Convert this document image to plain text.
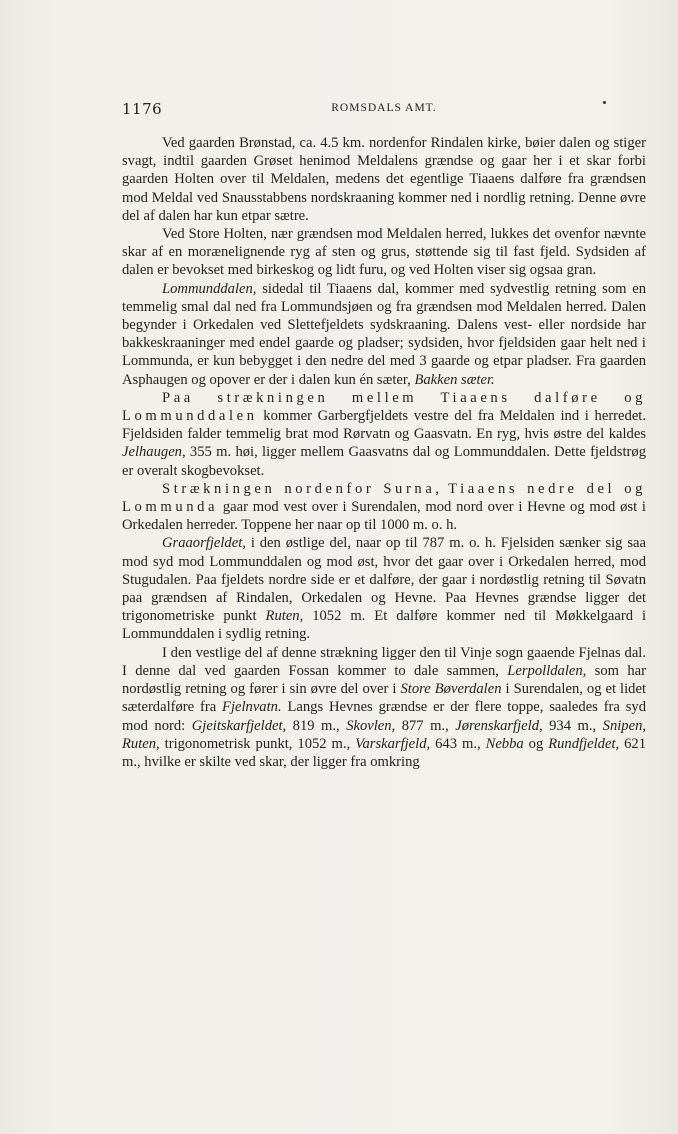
1176	ROMSDALS AMT.

Ved gaarden Brønstad, ca. 4.5 km. nordenfor Rindalen kirke, bøier dalen og stiger svagt, indtil gaarden Grøset henimod Meldalens grændse og gaar her i et skar forbi gaarden Holten over til Meldalen, medens det egentlige Tiaaens dalføre fra grændsen mod Meldal ved Snausstabbens nordskraaning kommer ned i nordlig retning. Denne øvre del af dalen har kun etpar sætre.

Ved Store Holten, nær grændsen mod Meldalen herred, lukkes det ovenfor nævnte skar af en morænelignende ryg af sten og grus, støttende sig til fast fjeld. Sydsiden af dalen er bevokset med birkeskog og lidt furu, og ved Holten viser sig ogsaa gran.

Lommunddalen, sidedal til Tiaaens dal, kommer med sydvestlig retning som en temmelig smal dal ned fra Lommundsjøen og fra grændsen mod Meldalen herred. Dalen begynder i Orkedalen ved Slettefjeldets sydskraaning. Dalens vest- eller nordside har bakkeskraaninger med endel gaarde og pladser; sydsiden, hvor fjeldsiden gaar helt ned i Lommunda, er kun bebygget i den nedre del med 3 gaarde og etpar pladser. Fra gaarden Asphaugen og opover er der i dalen kun én sæter, Bakken sæter.

Paa strækningen mellem Tiaaens dalføre og Lommunddalen kommer Garbergfjeldets vestre del fra Meldalen ind i herredet. Fjeldsiden falder temmelig brat mod Rørvatn og Gaasvatn. En ryg, hvis østre del kaldes Jelhaugen, 355 m. høi, ligger mellem Gaasvatns dal og Lommunddalen. Dette fjeldstrøg er overalt skogbevokset.

Strækningen nordenfor Surna, Tiaaens nedre del og Lommunda gaar mod vest over i Surendalen, mod nord over i Hevne og mod øst i Orkedalen herreder. Toppene her naar op til 1000 m. o. h.

Graaorfjeldet, i den østlige del, naar op til 787 m. o. h. Fjelsiden sænker sig saa mod syd mod Lommunddalen og mod øst, hvor det gaar over i Orkedalen herred, mod Stugudalen. Paa fjeldets nordre side er et dalføre, der gaar i nordøstlig retning til Søvatn paa grændsen af Rindalen, Orkedalen og Hevne. Paa Hevnes grændse ligger det trigonometriske punkt Ruten, 1052 m. Et dalføre kommer ned til Møkkelgaard i Lommunddalen i sydlig retning.

I den vestlige del af denne strækning ligger den til Vinje sogn gaaende Fjelnas dal. I denne dal ved gaarden Fossan kommer to dale sammen, Lerpolldalen, som har nordøstlig retning og fører i sin øvre del over i Store Bøverdalen i Surendalen, og et lidet sæterdalføre fra Fjelnvatn. Langs Hevnes grændse er der flere toppe, saaledes fra syd mod nord: Gjeitskarfjeldet, 819 m., Skovlen, 877 m., Jørenskarfjeld, 934 m., Snipen, Ruten, trigonometrisk punkt, 1052 m., Varskarfjeld, 643 m., Nebba og Rundfjeldet, 621 m., hvilke er skilte ved skar, der ligger fra omkring
